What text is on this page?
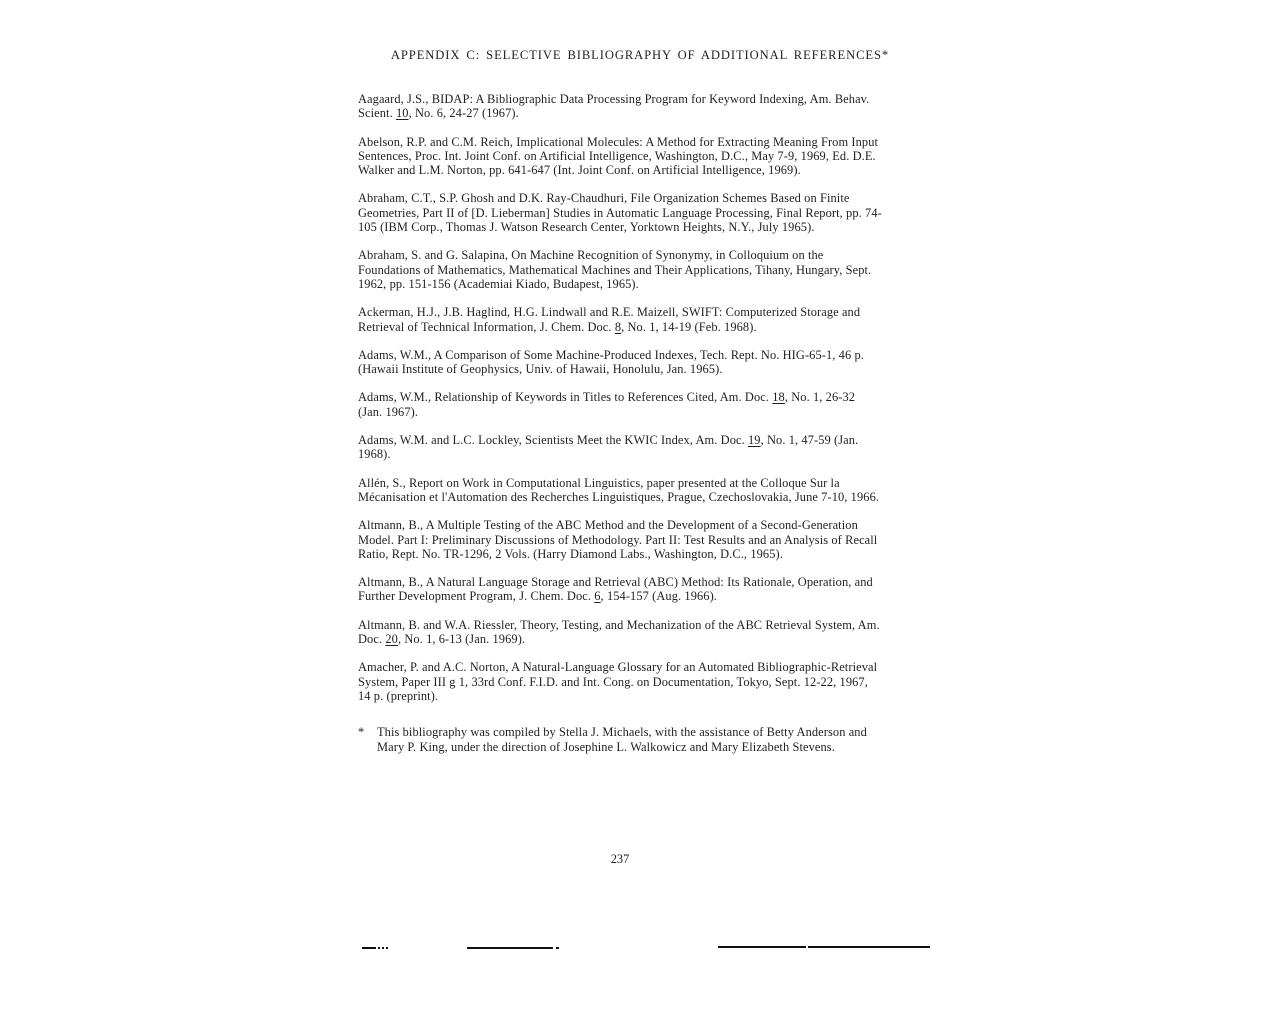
APPENDIX C: SELECTIVE BIBLIOGRAPHY OF ADDITIONAL REFERENCES*

Aagaard, J.S., BIDAP: A Bibliographic Data Processing Program for Keyword Indexing, Am. Behav. Scient. 10, No. 6, 24-27 (1967).

Abelson, R.P. and C.M. Reich, Implicational Molecules: A Method for Extracting Meaning From Input Sentences, Proc. Int. Joint Conf. on Artificial Intelligence, Washington, D.C., May 7-9, 1969, Ed. D.E. Walker and L.M. Norton, pp. 641-647 (Int. Joint Conf. on Artificial Intelligence, 1969).

Abraham, C.T., S.P. Ghosh and D.K. Ray-Chaudhuri, File Organization Schemes Based on Finite Geometries, Part II of [D. Lieberman] Studies in Automatic Language Processing, Final Report, pp. 74-105 (IBM Corp., Thomas J. Watson Research Center, Yorktown Heights, N.Y., July 1965).

Abraham, S. and G. Salapina, On Machine Recognition of Synonymy, in Colloquium on the Foundations of Mathematics, Mathematical Machines and Their Applications, Tihany, Hungary, Sept. 1962, pp. 151-156 (Academiai Kiado, Budapest, 1965).

Ackerman, H.J., J.B. Haglind, H.G. Lindwall and R.E. Maizell, SWIFT: Computerized Storage and Retrieval of Technical Information, J. Chem. Doc. 8, No. 1, 14-19 (Feb. 1968).

Adams, W.M., A Comparison of Some Machine-Produced Indexes, Tech. Rept. No. HIG-65-1, 46 p. (Hawaii Institute of Geophysics, Univ. of Hawaii, Honolulu, Jan. 1965).

Adams, W.M., Relationship of Keywords in Titles to References Cited, Am. Doc. 18, No. 1, 26-32 (Jan. 1967).

Adams, W.M. and L.C. Lockley, Scientists Meet the KWIC Index, Am. Doc. 19, No. 1, 47-59 (Jan. 1968).

Allén, S., Report on Work in Computational Linguistics, paper presented at the Colloque Sur la Mécanisation et l'Automation des Recherches Linguistiques, Prague, Czechoslovakia, June 7-10, 1966.

Altmann, B., A Multiple Testing of the ABC Method and the Development of a Second-Generation Model. Part I: Preliminary Discussions of Methodology. Part II: Test Results and an Analysis of Recall Ratio, Rept. No. TR-1296, 2 Vols. (Harry Diamond Labs., Washington, D.C., 1965).

Altmann, B., A Natural Language Storage and Retrieval (ABC) Method: Its Rationale, Operation, and Further Development Program, J. Chem. Doc. 6, 154-157 (Aug. 1966).

Altmann, B. and W.A. Riessler, Theory, Testing, and Mechanization of the ABC Retrieval System, Am. Doc. 20, No. 1, 6-13 (Jan. 1969).

Amacher, P. and A.C. Norton, A Natural-Language Glossary for an Automated Bibliographic-Retrieval System, Paper III g 1, 33rd Conf. F.I.D. and Int. Cong. on Documentation, Tokyo, Sept. 12-22, 1967, 14 p. (preprint).

* This bibliography was compiled by Stella J. Michaels, with the assistance of Betty Anderson and Mary P. King, under the direction of Josephine L. Walkowicz and Mary Elizabeth Stevens.
237
